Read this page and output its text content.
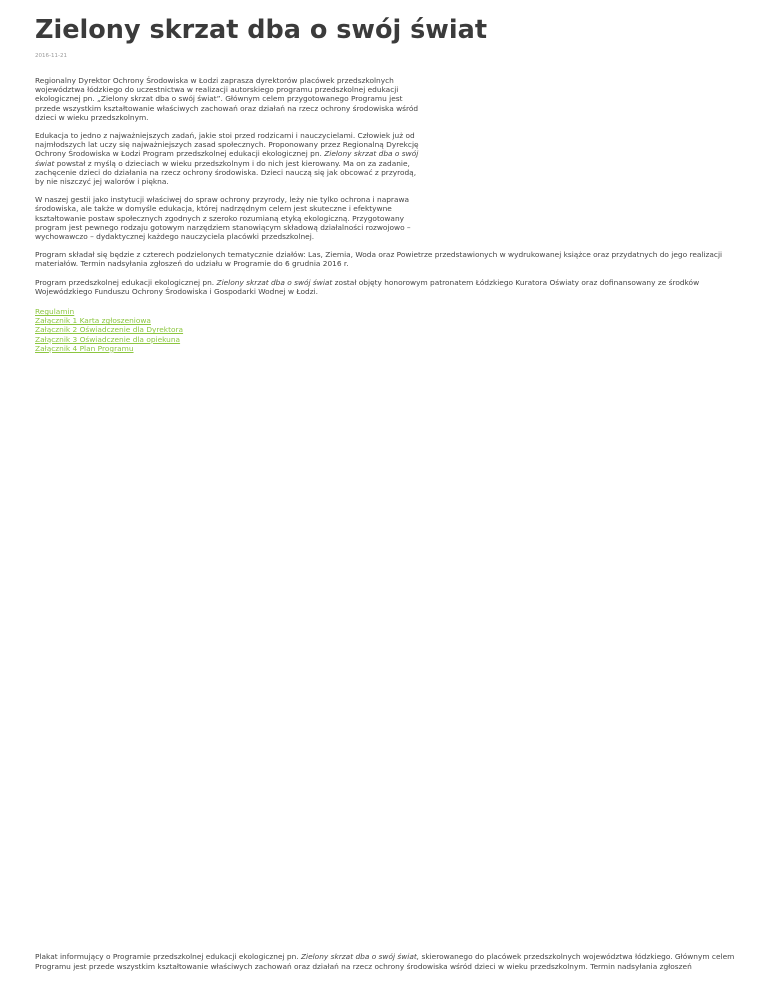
Zielony skrzat dba o swój świat
2016-11-21

Regionalny Dyrektor Ochrony Środowiska w Łodzi zaprasza dyrektorów placówek przedszkolnych województwa łódzkiego do uczestnictwa w realizacji autorskiego programu przedszkolnej edukacji ekologicznej pn. „Zielony skrzat dba o swój świat”. Głównym celem przygotowanego Programu jest przede wszystkim kształtowanie właściwych zachowań oraz działań na rzecz ochrony środowiska wśród dzieci w wieku przedszkolnym.

Edukacja to jedno z najważniejszych zadań, jakie stoi przed rodzicami i nauczycielami. Człowiek już od najmłodszych lat uczy się najważniejszych zasad społecznych. Proponowany przez Regionalną Dyrekcję Ochrony Środowiska w Łodzi Program przedszkolnej edukacji ekologicznej pn. Zielony skrzat dba o swój świat powstał z myślą o dzieciach w wieku przedszkolnym i do nich jest kierowany. Ma on za zadanie, zachęcenie dzieci do działania na rzecz ochrony środowiska. Dzieci nauczą się jak obcować z przyrodą, by nie niszczyć jej walorów i piękna.

W naszej gestii jako instytucji właściwej do spraw ochrony przyrody, leży nie tylko ochrona i naprawa środowiska, ale także w domyśle edukacja, której nadrzędnym celem jest skuteczne i efektywne kształtowanie postaw społecznych zgodnych z szeroko rozumianą etyką ekologiczną. Przygotowany program jest pewnego rodzaju gotowym narzędziem stanowiącym składową działalności rozwojowo – wychowawczo – dydaktycznej każdego nauczyciela placówki przedszkolnej.

Program składał się będzie z czterech podzielonych tematycznie działów: Las, Ziemia, Woda oraz Powietrze przedstawionych w wydrukowanej książce oraz przydatnych do jego realizacji materiałów. Termin nadsyłania zgłoszeń do udziału w Programie do 6 grudnia 2016 r.

Program przedszkolnej edukacji ekologicznej pn. Zielony skrzat dba o swój świat został objęty honorowym patronatem Łódzkiego Kuratora Oświaty oraz dofinansowany ze środków Wojewódzkiego Funduszu Ochrony Środowiska i Gospodarki Wodnej w Łodzi.

Regulamin
Załącznik 1 Karta zgłoszeniowa
Załącznik 2 Oświadczenie dla Dyrektora
Załącznik 3 Oświadczenie dla opiekuna
Załącznik 4 Plan Programu
Plakat informujący o Programie przedszkolnej edukacji ekologicznej pn. Zielony skrzat dba o swój świat, skierowanego do placówek przedszkolnych województwa łódzkiego. Głównym celem Programu jest przede wszystkim kształtowanie właściwych zachowań oraz działań na rzecz ochrony środowiska wśród dzieci w wieku przedszkolnym. Termin nadsyłania zgłoszeń
